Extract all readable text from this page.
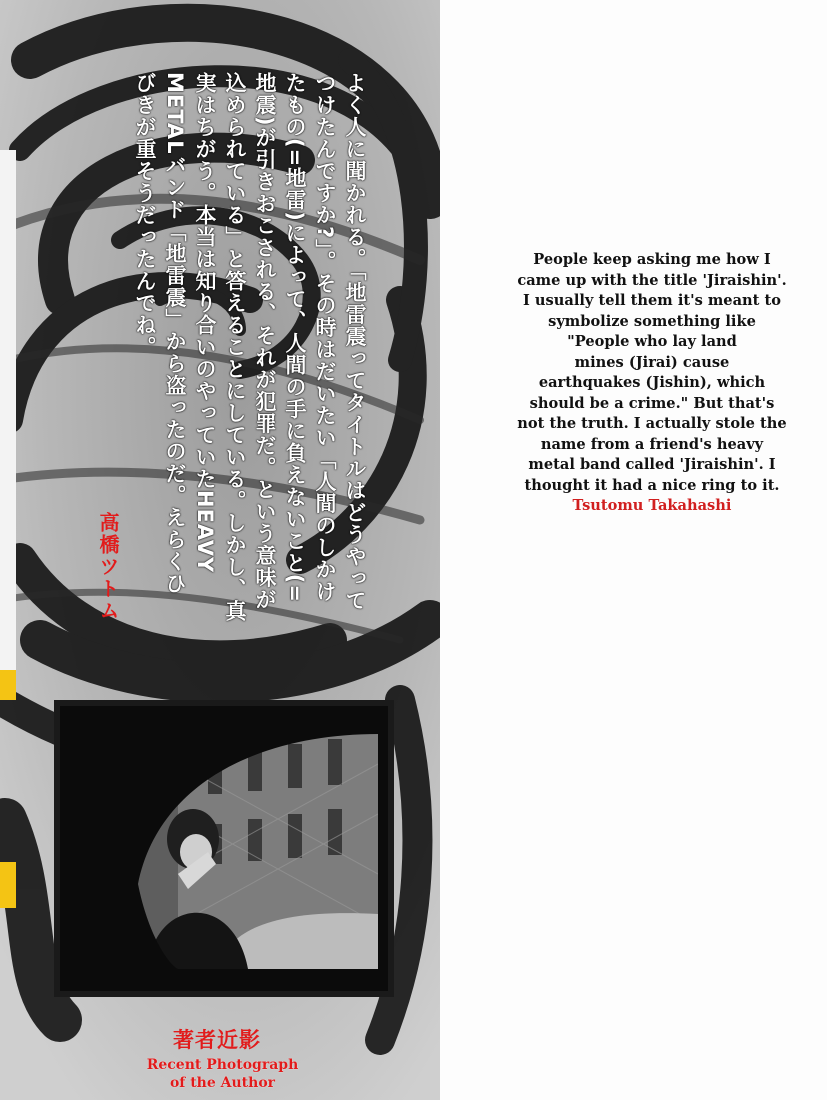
よく人に聞かれる。「地雷震ってタイトルはどうやって
つけたんですか?」。その時はだいたい「人間のしかけ
たもの(=地雷)によって、人間の手に負えないこと(=
地震)が引きおこされる、それが犯罪だ。という意味が
込められている」と答えることにしている。しかし、真
実はちがう。本当は知り合いのやっていたHEAVY
METALバンド「地雷震」から盗ったのだ。えらくひ
びきが重そうだったんでね。
高橋ツトム
著者近影
Recent Photograph
of the Author
People keep asking me how I
came up with the title 'Jiraishin'.
I usually tell them it's meant to
symbolize something like
"People who lay land
mines (Jirai) cause
earthquakes (Jishin), which
should be a crime." But that's
not the truth. I actually stole the
name from a friend's heavy
metal band called 'Jiraishin'. I
thought it had a nice ring to it.
Tsutomu Takahashi
